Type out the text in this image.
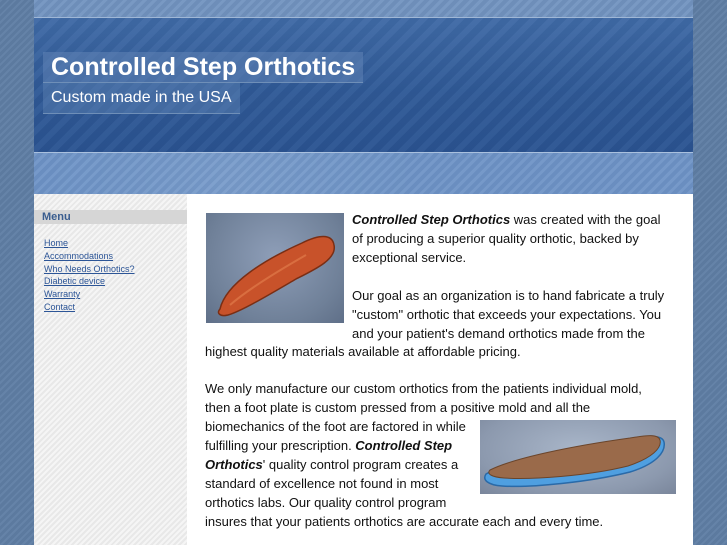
Controlled Step Orthotics
Custom made in the USA
Menu
Home
Accommodations
Who Needs Orthotics?
Diabetic device
Warranty
Contact
Controlled Step Orthotics was created with the goal
of producing a superior quality orthotic, backed by
exceptional service.
Our goal as an organization is to hand fabricate a truly
"custom" orthotic that exceeds your expectations. You
and your patient's demand orthotics made from the
highest quality materials available at affordable pricing.
We only manufacture our custom orthotics from the patients individual mold,
then a foot plate is custom pressed from a positive mold and all the
biomechanics of the foot are factored in while
fulfilling your prescription. Controlled Step
Orthotics' quality control program creates a
standard of excellence not found in most
orthotics labs. Our quality control program
insures that your patients orthotics are accurate each and every time.
